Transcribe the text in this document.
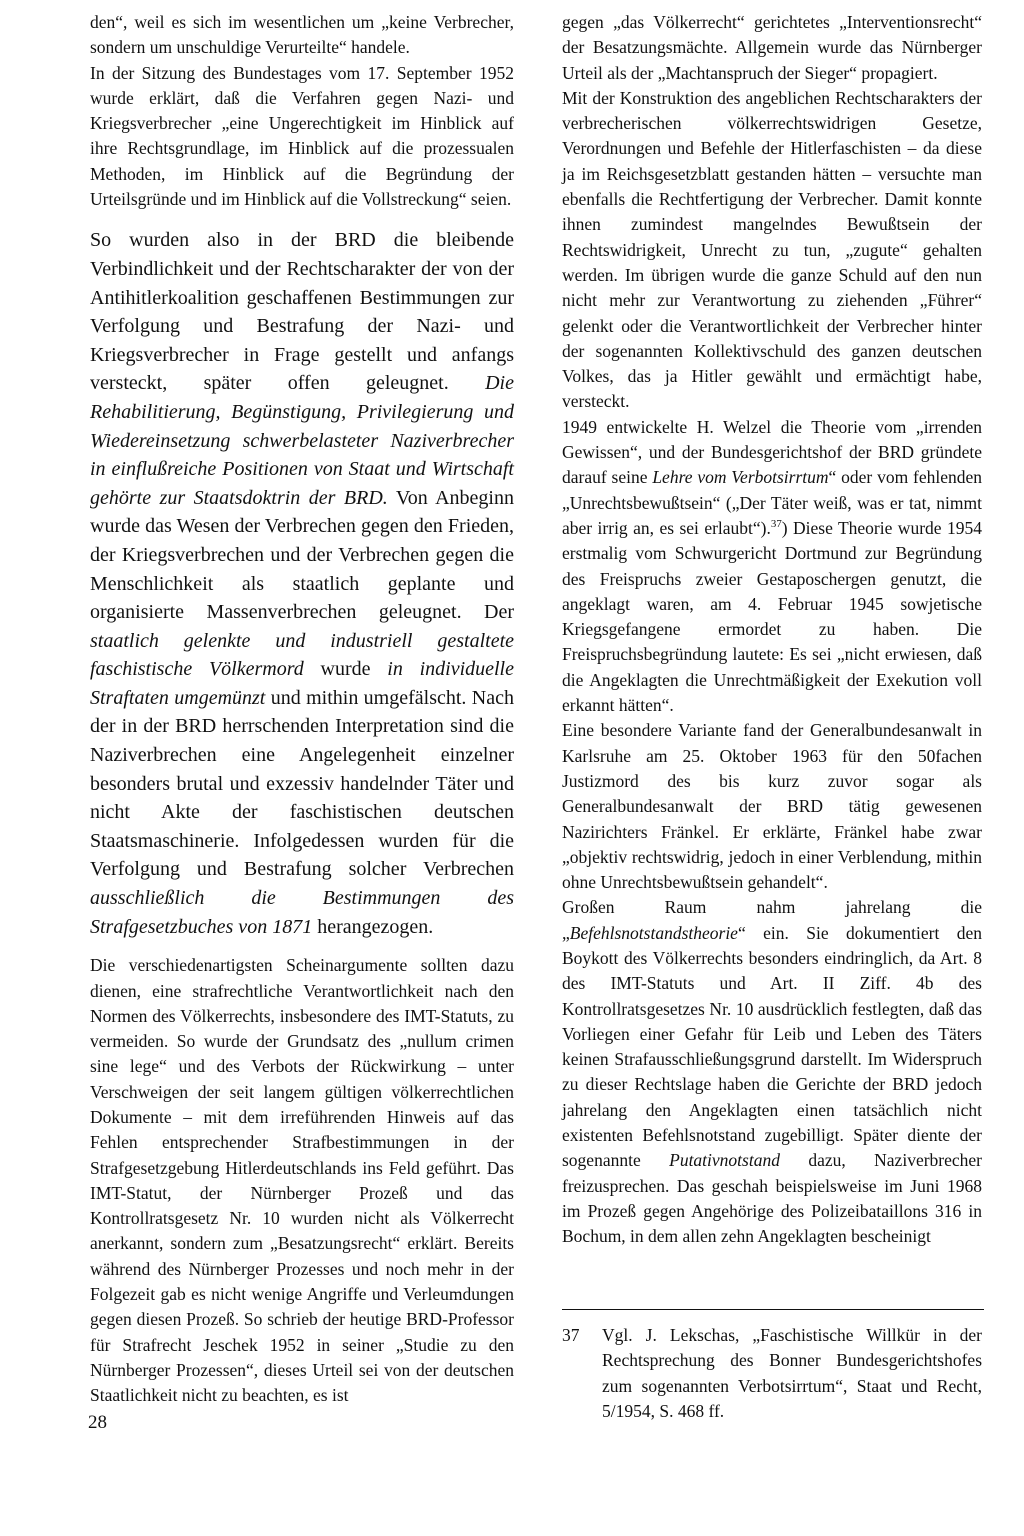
den“, weil es sich im wesentlichen um „keine Verbrecher, sondern um unschuldige Verurteilte“ handele.

In der Sitzung des Bundestages vom 17. September 1952 wurde erklärt, daß die Verfahren gegen Nazi- und Kriegsverbrecher „eine Ungerechtigkeit im Hinblick auf ihre Rechtsgrundlage, im Hinblick auf die prozessualen Methoden, im Hinblick auf die Begründung der Urteilsgründe und im Hinblick auf die Vollstreckung“ seien.

So wurden also in der BRD die bleibende Verbindlichkeit und der Rechtscharakter der von der Antihitlerkoalition geschaffenen Bestimmungen zur Verfolgung und Bestrafung der Nazi- und Kriegsverbrecher in Frage gestellt und anfangs versteckt, später offen geleugnet. Die Rehabilitierung, Begünstigung, Privilegierung und Wiedereinsetzung schwerbelasteter Naziverbrecher in einflußreiche Positionen von Staat und Wirtschaft gehörte zur Staatsdoktrin der BRD. Von Anbeginn wurde das Wesen der Verbrechen gegen den Frieden, der Kriegsverbrechen und der Verbrechen gegen die Menschlichkeit als staatlich geplante und organisierte Massenverbrechen geleugnet. Der staatlich gelenkte und industriell gestaltete faschistische Völkermord wurde in individuelle Straftaten umgemünzt und mithin umgefälscht. Nach der in der BRD herrschenden Interpretation sind die Naziverbrechen eine Angelegenheit einzelner besonders brutal und exzessiv handelnder Täter und nicht Akte der faschistischen deutschen Staatsmaschinerie. Infolgedessen wurden für die Verfolgung und Bestrafung solcher Verbrechen ausschließlich die Bestimmungen des Strafgesetzbuches von 1871 herangezogen.

Die verschiedenartigsten Scheinargumente sollten dazu dienen, eine strafrechtliche Verantwortlichkeit nach den Normen des Völkerrechts, insbesondere des IMT-Statuts, zu vermeiden. So wurde der Grundsatz des „nullum crimen sine lege“ und des Verbots der Rückwirkung – unter Verschweigen der seit langem gültigen völkerrechtlichen Dokumente – mit dem irreführenden Hinweis auf das Fehlen entsprechender Strafbestimmungen in der Strafgesetzgebung Hitlerdeutschlands ins Feld geführt. Das IMT-Statut, der Nürnberger Prozeß und das Kontrollratsgesetz Nr. 10 wurden nicht als Völkerrecht anerkannt, sondern zum „Besatzungsrecht“ erklärt. Bereits während des Nürnberger Prozesses und noch mehr in der Folgezeit gab es nicht wenige Angriffe und Verleumdungen gegen diesen Prozeß. So schrieb der heutige BRD-Professor für Strafrecht Jeschek 1952 in seiner „Studie zu den Nürnberger Prozessen“, dieses Urteil sei von der deutschen Staatlichkeit nicht zu beachten, es ist

gegen „das Völkerrecht“ gerichtetes „Interventionsrecht“ der Besatzungsmächte. Allgemein wurde das Nürnberger Urteil als der „Machtanspruch der Sieger“ propagiert.

Mit der Konstruktion des angeblichen Rechtscharakters der verbrecherischen völkerrechtswidrigen Gesetze, Verordnungen und Befehle der Hitlerfaschisten – da diese ja im Reichsgesetzblatt gestanden hätten – versuchte man ebenfalls die Rechtfertigung der Verbrecher. Damit konnte ihnen zumindest mangelndes Bewußtsein der Rechtswidrigkeit, Unrecht zu tun, „zugute“ gehalten werden. Im übrigen wurde die ganze Schuld auf den nun nicht mehr zur Verantwortung zu ziehenden „Führer“ gelenkt oder die Verantwortlichkeit der Verbrecher hinter der sogenannten Kollektivschuld des ganzen deutschen Volkes, das ja Hitler gewählt und ermächtigt habe, versteckt.

1949 entwickelte H. Welzel die Theorie vom „irrenden Gewissen“, und der Bundesgerichtshof der BRD gründete darauf seine Lehre vom Verbotsirrtum“ oder vom fehlenden „Unrechtsbewußtsein“ („Der Täter weiß, was er tat, nimmt aber irrig an, es sei erlaubt“).$^{37}$) Diese Theorie wurde 1954 erstmalig vom Schwurgericht Dortmund zur Begründung des Freispruchs zweier Gestaposchergen genutzt, die angeklagt waren, am 4. Februar 1945 sowjetische Kriegsgefangene ermordet zu haben. Die Freispruchsbegründung lautete: Es sei „nicht erwiesen, daß die Angeklagten die Unrechtmäßigkeit der Exekution voll erkannt hätten“.

Eine besondere Variante fand der Generalbundesanwalt in Karlsruhe am 25. Oktober 1963 für den 50fachen Justizmord des bis kurz zuvor sogar als Generalbundesanwalt der BRD tätig gewesenen Nazirichters Fränkel. Er erklärte, Fränkel habe zwar „objektiv rechtswidrig, jedoch in einer Verblendung, mithin ohne Unrechtsbewußtsein gehandelt“.

Großen Raum nahm jahrelang die „Befehlsnotstandstheorie“ ein. Sie dokumentiert den Boykott des Völkerrechts besonders eindringlich, da Art. 8 des IMT-Statuts und Art. II Ziff. 4b des Kontrollratsgesetzes Nr. 10 ausdrücklich festlegten, daß das Vorliegen einer Gefahr für Leib und Leben des Täters keinen Strafausschließungsgrund darstellt. Im Widerspruch zu dieser Rechtslage haben die Gerichte der BRD jedoch jahrelang den Angeklagten einen tatsächlich nicht existenten Befehlsnotstand zugebilligt. Später diente der sogenannte Putativnotstand dazu, Naziverbrecher freizusprechen. Das geschah beispielsweise im Juni 1968 im Prozeß gegen Angehörige des Polizeibataillons 316 in Bochum, in dem allen zehn Angeklagten bescheinigt

37	Vgl. J. Lekschas, „Faschistische Willkür in der Rechtsprechung des Bonner Bundesgerichtshofes zum sogenannten Verbotsirrtum“, Staat und Recht, 5/1954, S. 468 ff.
28
